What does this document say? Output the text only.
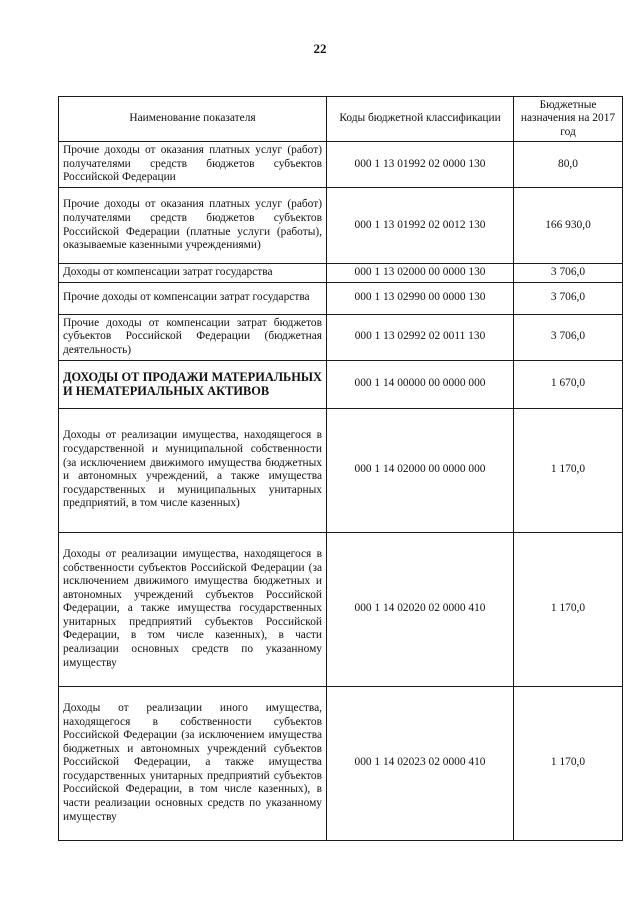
22
Наименование показателя	Коды бюджетной классификации	Бюджетные назначения на 2017 год
Прочие доходы от оказания платных услуг (работ) получателями средств бюджетов субъектов Российской Федерации	000 1 13 01992 02 0000 130	80,0
Прочие доходы от оказания платных услуг (работ) получателями средств бюджетов субъектов Российской Федерации (платные услуги (работы), оказываемые казенными учреждениями)	000 1 13 01992 02 0012 130	166 930,0
Доходы от компенсации затрат государства	000 1 13 02000 00 0000 130	3 706,0
Прочие доходы от компенсации затрат государства	000 1 13 02990 00 0000 130	3 706,0
Прочие доходы от компенсации затрат бюджетов субъектов Российской Федерации (бюджетная деятельность)	000 1 13 02992 02 0011 130	3 706,0
ДОХОДЫ ОТ ПРОДАЖИ МАТЕРИАЛЬНЫХ И НЕМАТЕРИАЛЬНЫХ АКТИВОВ	000 1 14 00000 00 0000 000	1 670,0
Доходы от реализации имущества, находящегося в государственной и муниципальной собственности (за исключением движимого имущества бюджетных и автономных учреждений, а также имущества государственных и муниципальных унитарных предприятий, в том числе казенных)	000 1 14 02000 00 0000 000	1 170,0
Доходы от реализации имущества, находящегося в собственности субъектов Российской Федерации (за исключением движимого имущества бюджетных и автономных учреждений субъектов Российской Федерации, а также имущества государственных унитарных предприятий субъектов Российской Федерации, в том числе казенных), в части реализации основных средств по указанному имуществу	000 1 14 02020 02 0000 410	1 170,0
Доходы от реализации иного имущества, находящегося в собственности субъектов Российской Федерации (за исключением имущества бюджетных и автономных учреждений субъектов Российской Федерации, а также имущества государственных унитарных предприятий субъектов Российской Федерации, в том числе казенных), в части реализации основных средств по указанному имуществу	000 1 14 02023 02 0000 410	1 170,0
